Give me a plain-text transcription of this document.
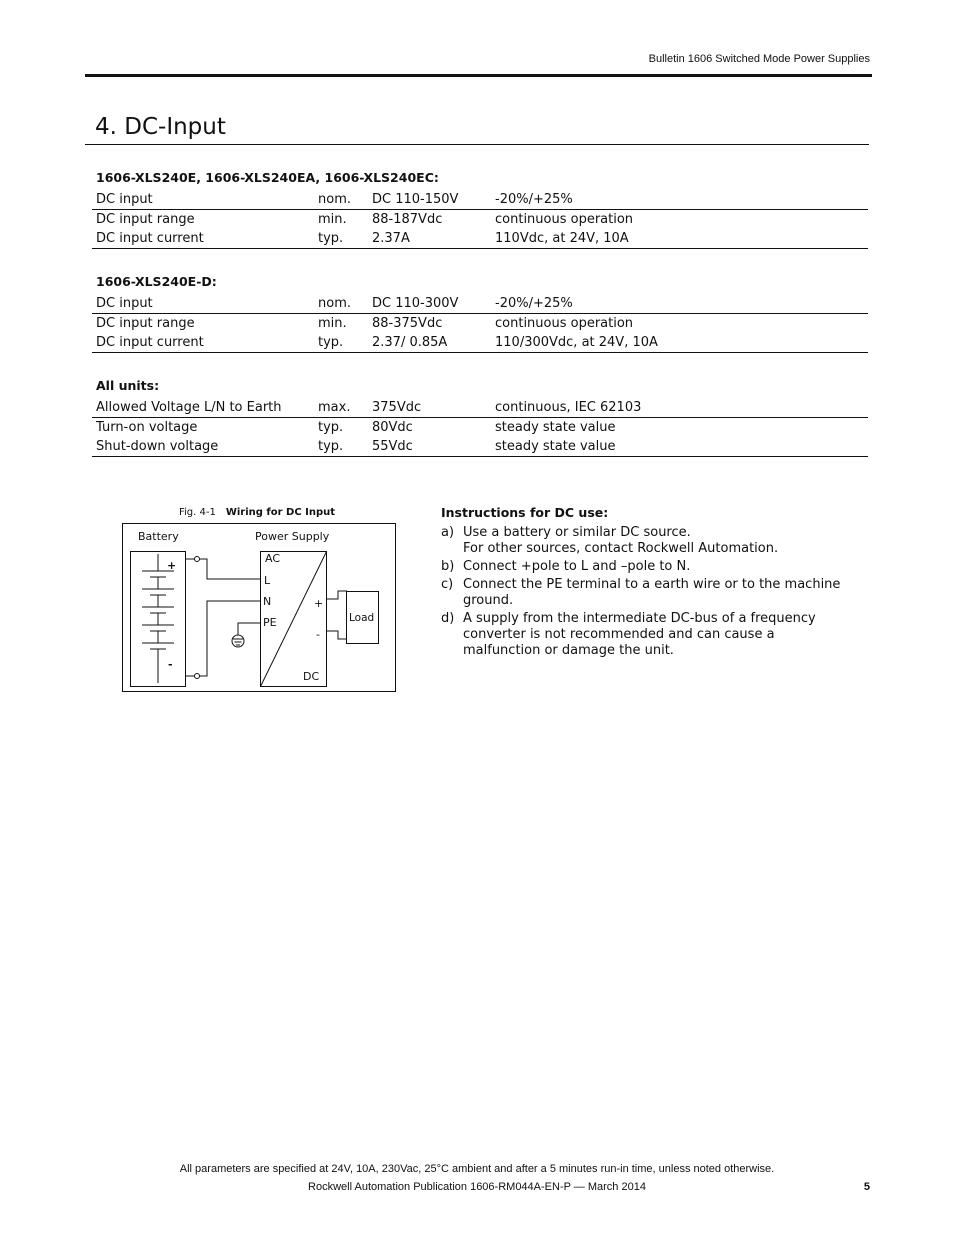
Bulletin 1606 Switched Mode Power Supplies
4. DC-Input
1606-XLS240E, 1606-XLS240EA, 1606-XLS240EC:
DC input	nom.	DC 110-150V	-20%/+25%
DC input range	min.	88-187Vdc	continuous operation
DC input current	typ.	2.37A	110Vdc, at 24V, 10A
1606-XLS240E-D:
DC input	nom.	DC 110-300V	-20%/+25%
DC input range	min.	88-375Vdc	continuous operation
DC input current	typ.	2.37/ 0.85A	110/300Vdc, at 24V, 10A
All units:
Allowed Voltage L/N to Earth	max.	375Vdc	continuous, IEC 62103
Turn-on voltage	typ.	80Vdc	steady state value
Shut-down voltage	typ.	55Vdc	steady state value
Fig. 4-1 Wiring for DC Input
Battery	Power Supply
+
-
AC
L
N
PE
DC
+
-
Load
Instructions for DC use:
a) Use a battery or similar DC source.
For other sources, contact Rockwell Automation.
b) Connect +pole to L and –pole to N.
c) Connect the PE terminal to a earth wire or to the machine ground.
d) A supply from the intermediate DC-bus of a frequency converter is not recommended and can cause a malfunction or damage the unit.
All parameters are specified at 24V, 10A, 230Vac, 25°C ambient and after a 5 minutes run-in time, unless noted otherwise.
Rockwell Automation Publication 1606-RM044A-EN-P — March 2014	5
